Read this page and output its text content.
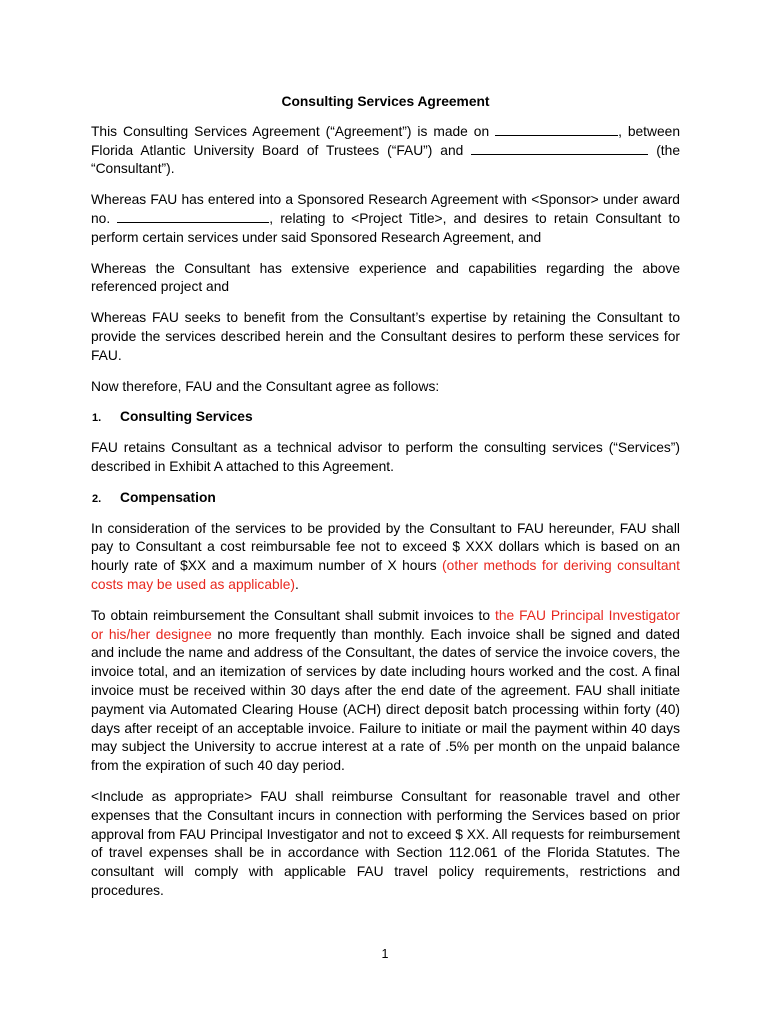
Consulting Services Agreement

This Consulting Services Agreement (“Agreement”) is made on	, between Florida Atlantic University Board of Trustees (“FAU”) and	(the “Consultant”).

Whereas FAU has entered into a Sponsored Research Agreement with <Sponsor> under award no.	, relating to <Project Title>, and desires to retain Consultant to perform certain services under said Sponsored Research Agreement, and

Whereas the Consultant has extensive experience and capabilities regarding the above referenced project and

Whereas FAU seeks to benefit from the Consultant’s expertise by retaining the Consultant to provide the services described herein and the Consultant desires to perform these services for FAU.

Now therefore, FAU and the Consultant agree as follows:

1.	Consulting Services

FAU retains Consultant as a technical advisor to perform the consulting services (“Services”) described in Exhibit A attached to this Agreement.

2.	Compensation

In consideration of the services to be provided by the Consultant to FAU hereunder, FAU shall pay to Consultant a cost reimbursable fee not to exceed $ XXX dollars which is based on an hourly rate of $XX and a maximum number of X hours (other methods for deriving consultant costs may be used as applicable).

To obtain reimbursement the Consultant shall submit invoices to the FAU Principal Investigator or his/her designee no more frequently than monthly. Each invoice shall be signed and dated and include the name and address of the Consultant, the dates of service the invoice covers, the invoice total, and an itemization of services by date including hours worked and the cost. A final invoice must be received within 30 days after the end date of the agreement. FAU shall initiate payment via Automated Clearing House (ACH) direct deposit batch processing within forty (40) days after receipt of an acceptable invoice. Failure to initiate or mail the payment within 40 days may subject the University to accrue interest at a rate of .5% per month on the unpaid balance from the expiration of such 40 day period.

<Include as appropriate> FAU shall reimburse Consultant for reasonable travel and other expenses that the Consultant incurs in connection with performing the Services based on prior approval from FAU Principal Investigator and not to exceed $ XX. All requests for reimbursement of travel expenses shall be in accordance with Section 112.061 of the Florida Statutes. The consultant will comply with applicable FAU travel policy requirements, restrictions and procedures.

1
